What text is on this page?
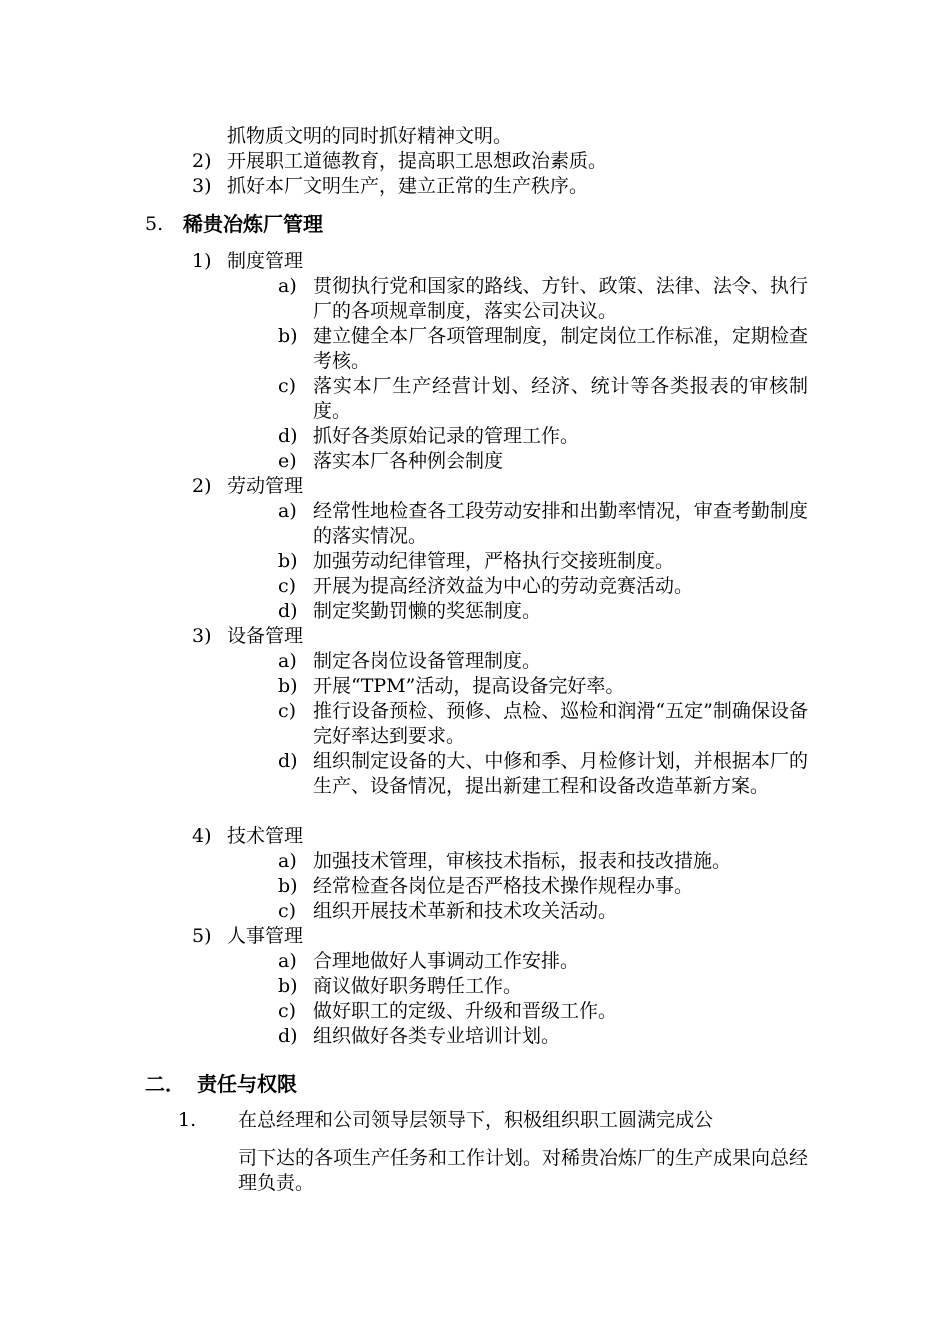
抓物质文明的同时抓好精神文明。
2) 开展职工道德教育，提高职工思想政治素质。
3) 抓好本厂文明生产，建立正常的生产秩序。
5. 稀贵冶炼厂管理
1) 制度管理
a) 贯彻执行党和国家的路线、方针、政策、法律、法令、执行厂的各项规章制度，落实公司决议。
b) 建立健全本厂各项管理制度，制定岗位工作标准，定期检查考核。
c) 落实本厂生产经营计划、经济、统计等各类报表的审核制度。
d) 抓好各类原始记录的管理工作。
e) 落实本厂各种例会制度
2) 劳动管理
a) 经常性地检查各工段劳动安排和出勤率情况，审查考勤制度的落实情况。
b) 加强劳动纪律管理，严格执行交接班制度。
c) 开展为提高经济效益为中心的劳动竞赛活动。
d) 制定奖勤罚懒的奖惩制度。
3) 设备管理
a) 制定各岗位设备管理制度。
b) 开展“TPM”活动，提高设备完好率。
c) 推行设备预检、预修、点检、巡检和润滑“五定”制确保设备完好率达到要求。
d) 组织制定设备的大、中修和季、月检修计划，并根据本厂的生产、设备情况，提出新建工程和设备改造革新方案。
4) 技术管理
a) 加强技术管理，审核技术指标，报表和技改措施。
b) 经常检查各岗位是否严格技术操作规程办事。
c) 组织开展技术革新和技术攻关活动。
5) 人事管理
a) 合理地做好人事调动工作安排。
b) 商议做好职务聘任工作。
c) 做好职工的定级、升级和晋级工作。
d) 组织做好各类专业培训计划。
二． 责任与权限
1. 在总经理和公司领导层领导下，积极组织职工圆满完成公
司下达的各项生产任务和工作计划。对稀贵冶炼厂的生产成果向总经理负责。
